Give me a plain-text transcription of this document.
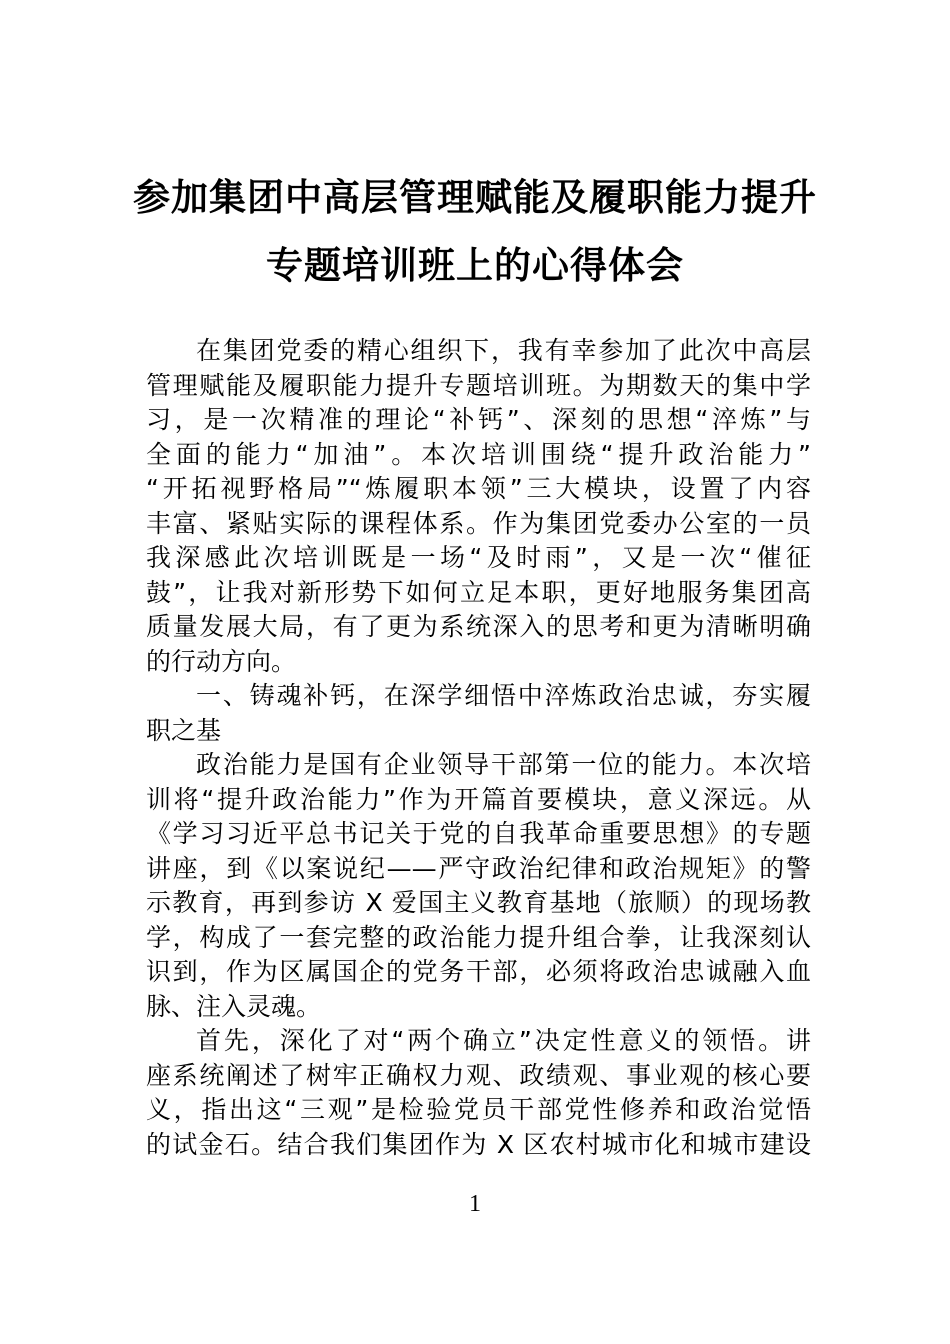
参加集团中高层管理赋能及履职能力提升
专题培训班上的心得体会
在集团党委的精心组织下，我有幸参加了此次中高层
管理赋能及履职能力提升专题培训班。为期数天的集中学
习，是一次精准的理论“补钙”、深刻的思想“淬炼”与
全面的能力“加油”。本次培训围绕“提升政治能力”
“开拓视野格局”“炼履职本领”三大模块，设置了内容
丰富、紧贴实际的课程体系。作为集团党委办公室的一员
我深感此次培训既是一场“及时雨”，又是一次“催征
鼓”，让我对新形势下如何立足本职，更好地服务集团高
质量发展大局，有了更为系统深入的思考和更为清晰明确
的行动方向。
一、铸魂补钙，在深学细悟中淬炼政治忠诚，夯实履
职之基
政治能力是国有企业领导干部第一位的能力。本次培
训将“提升政治能力”作为开篇首要模块，意义深远。从
《学习习近平总书记关于党的自我革命重要思想》的专题
讲座，到《以案说纪——严守政治纪律和政治规矩》的警
示教育，再到参访 X 爱国主义教育基地（旅顺）的现场教
学，构成了一套完整的政治能力提升组合拳，让我深刻认
识到，作为区属国企的党务干部，必须将政治忠诚融入血
脉、注入灵魂。
首先，深化了对“两个确立”决定性意义的领悟。讲
座系统阐述了树牢正确权力观、政绩观、事业观的核心要
义，指出这“三观”是检验党员干部党性修养和政治觉悟
的试金石。结合我们集团作为 X 区农村城市化和城市建设
1
